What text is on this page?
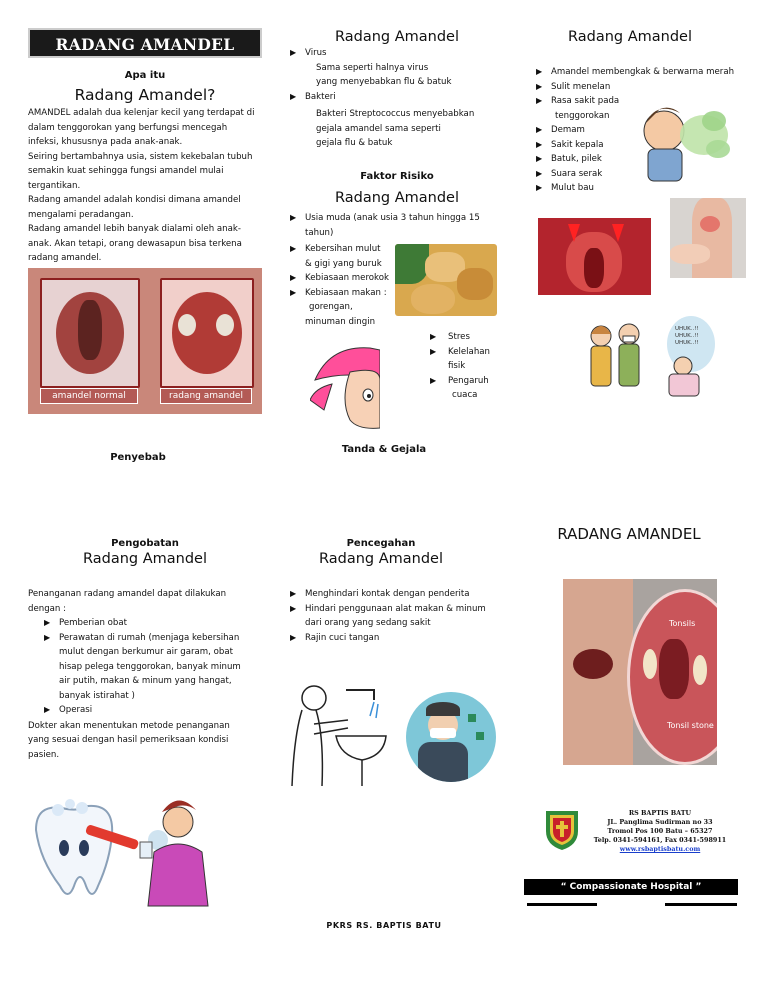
RADANG AMANDEL
Apa itu
Radang Amandel?
AMANDEL adalah dua kelenjar kecil yang terdapat di dalam tenggorokan yang berfungsi mencegah infeksi, khususnya pada anak-anak.
Seiring bertambahnya usia, sistem kekebalan tubuh semakin kuat sehingga fungsi amandel mulai tergantikan.
Radang amandel adalah kondisi dimana amandel mengalami peradangan.
Radang amandel lebih banyak dialami oleh anak-anak. Akan tetapi, orang dewasapun bisa terkena radang amandel.
amandel normal	radang amandel
Penyebab
Radang Amandel
▶ Virus
Sama seperti halnya virus
yang menyebabkan flu & batuk
▶ Bakteri
Bakteri Streptococcus menyebabkan
gejala amandel sama seperti
gejala flu & batuk
Faktor Risiko
Radang Amandel
▶ Usia muda (anak usia 3 tahun hingga 15
tahun)
▶ Kebersihan mulut
& gigi yang buruk
▶ Kebiasaan merokok
▶ Kebiasaan makan :
gorengan,
minuman dingin
▶ Stres
▶ Kelelahan
fisik
▶ Pengaruh
cuaca
Tanda & Gejala
Radang Amandel
▶ Amandel membengkak & berwarna merah
▶ Sulit menelan
▶ Rasa sakit pada
tenggorokan
▶ Demam
▶ Sakit kepala
▶ Batuk, pilek
▶ Suara serak
▶ Mulut bau
UHUK..!!
UHUK..!!
UHUK..!!
Pengobatan
Radang Amandel
Penanganan radang amandel dapat dilakukan
dengan :
▶ Pemberian obat
▶ Perawatan di rumah (menjaga kebersihan
mulut dengan berkumur air garam, obat
hisap pelega tenggorokan, banyak minum
air putih, makan & minum yang hangat,
banyak istirahat )
▶ Operasi
Dokter akan menentukan metode penanganan
yang sesuai dengan hasil pemeriksaan kondisi
pasien.
Pencegahan
Radang Amandel
▶ Menghindari kontak dengan penderita
▶ Hindari penggunaan alat makan & minum
dari orang yang sedang sakit
▶ Rajin cuci tangan
PKRS RS. BAPTIS BATU
RADANG AMANDEL
Tonsils
Tonsil stone
RS BAPTIS BATU
JL. Panglima Sudirman no 33
Tromol Pos 100 Batu – 65327
Telp. 0341-594161, Fax 0341-598911
www.rsbaptisbatu.com
“ Compassionate Hospital ”
